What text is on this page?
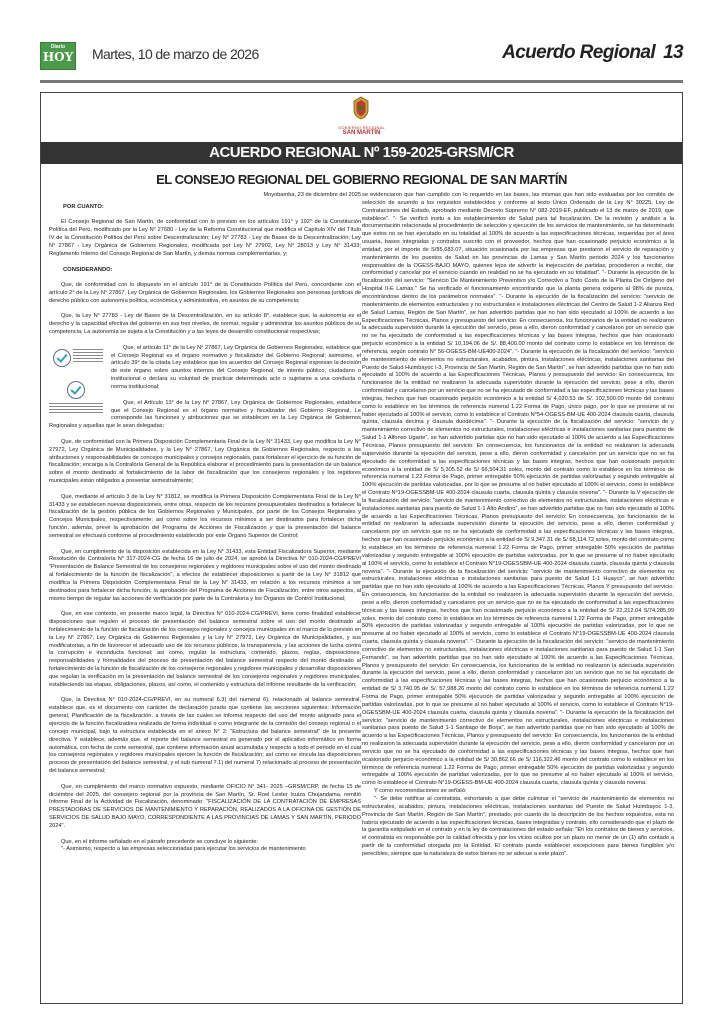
Diario
HOY Martes, 10 de marzo de 2026	Acuerdo Regional 13
GOBIERNO REGIONAL
SAN MARTÍN
ACUERDO REGIONAL Nº 159-2025-GRSM/CR
EL CONSEJO REGIONAL DEL GOBIERNO REGIONAL DE SAN MARTÍN
Moyobamba, 23 de diciembre del 2025
POR CUANTO:

El Consejo Regional de San Martín, de conformidad con lo previsto en los artículos 191° y 192° de la Constitución Política del Perú, modificado por la Ley N° 27680 - Ley de la Reforma Constitucional que modifica el Capítulo XIV del Título IV de la Constitución Política del Perú sobre Descentralización; Ley N° 27783 - Ley de Bases de la Descentralización; Ley N° 27867 - Ley Orgánica de Gobiernos Regionales, modificada por Ley N° 27902, Ley N° 28013 y Ley N° 31433; Reglamento Interno del Consejo Regional de San Martín, y demás normas complementarias, y;

CONSIDERANDO:

Que, de conformidad con lo dispuesto en el artículo 191° de la Constitución Política del Perú, concordante con el artículo 2° de la Ley N° 27867, Ley Orgánica de Gobiernos Regionales, los Gobiernos Regionales son personas jurídicas de derecho público con autonomía política, económica y administrativa, en asuntos de su competencia;

Que, la Ley N° 27783 - Ley de Bases de la Descentralización, en su artículo 8°, establece que, la autonomía es el derecho y la capacidad efectiva del gobierno en sus tres niveles, de normar, regular y administrar los asuntos públicos de su competencia; La autonomía se sujeta a la Constitución y a las leyes de desarrollo constitucional respectivas;

Que, el artículo 11° de la Ley N° 27867, Ley Orgánica de Gobiernos Regionales, establece que el Consejo Regional es el órgano normativo y fiscalizador del Gobierno Regional; asimismo, el artículo 39° de la citada Ley establece que los acuerdos del Consejo Regional expresan la decisión de este órgano sobre asuntos internos del Consejo Regional, de interés público, ciudadano o institucional o declara su voluntad de practicar determinado acto o sujetarse a una conducta o norma institucional;

Que, el Artículo 13° de la Ley N° 27867, Ley Orgánica de Gobiernos Regionales, establece que el Consejo Regional es el órgano normativo y fiscalizador del Gobierno Regional. Le corresponde las funciones y atribuciones que se establecen en la Ley Orgánica de Gobiernos Regionales y aquellas que le sean delegadas;

Que, de conformidad con la Primera Disposición Complementaria Final de la Ley N° 31433, Ley que modifica la Ley N° 27972, Ley Orgánica de Municipalidades, y la Ley N° 27867, Ley Orgánica de Gobiernos Regionales, respecto a las atribuciones y responsabilidades de concejos municipales y consejos regionales, para fortalecer el ejercicio de su función de fiscalización; encarga a la Contraloría General de la República elaborar el procedimiento para la presentación de un balance sobre el monto destinado al fortalecimiento de la labor de fiscalización que los consejeros regionales y los regidores municipales están obligados a presentar semestralmente;

Que, mediante el artículo 3 de la Ley N° 31812, se modifica la Primera Disposición Complementaria Final de la Ley N° 31433 y se establecen nuevas disposiciones, entre otras, respecto de los recursos presupuestales destinados a fortalecer la fiscalización de la gestión pública de los Gobiernos Regionales y Municipales, por parte de los Consejos Regionales y Concejos Municipales, respectivamente; así como sobre los recursos mínimos a ser destinados para fortalecer dicha función, además, prevé la aprobación del Programa de Acciones de Fiscalización y que la presentación del balance semestral se efectuará conforme al procedimiento establecido por este Órgano Superior de Control;

Que, en cumplimiento de la disposición establecida en la Ley N° 31433, esta Entidad Fiscalizadora Superior, mediante Resolución de Contraloría N° 317-2024-CG de fecha 16 de julio de 2024, se aprobó la Directiva N° 010-2024-CG/PREVI "Presentación de Balance Semestral de los consejeros regionales y regidores municipales sobre el uso del monto destinado al fortalecimiento de la función de fiscalización", a efectos de establecer disposiciones a partir de la Ley N° 31812 que modifica la Primera Disposición Complementaria Final de la Ley N° 31433, en relación a los recursos mínimos a ser destinados para fortalecer dicha función, la aprobación del Programa de Acciones de Fiscalización, entre otros aspectos, al mismo tiempo de regular las acciones de verificación por parte de la Contraloría y los Órganos de Control Institucional;

Que, en ese contexto, en presente marco legal, la Directiva N° 010-2024-CG/PREVI, tiene como finalidad establecer disposiciones que regulen el proceso de presentación del balance semestral sobre el uso del monto destinado al fortalecimiento de la función de fiscalización de los consejos regionales y concejos municipales en el marco de lo previsto en la Ley N° 27867, Ley Orgánica de Gobiernos Regionales y la Ley N° 27972, Ley Orgánica de Municipalidades, y sus modificatorias, a fin de favorecer el adecuado uso de los recursos públicos, la transparencia, y las acciones de lucha contra la corrupción e inconducta funcional; así como, regular la estructura, contenido, plazos, reglas, disposiciones, responsabilidades y formalidades del proceso de presentación del balance semestral respecto del monto destinado al fortalecimiento de la función de fiscalización de los consejeros regionales y regidores municipales y desarrollar disposiciones que regulan la verificación en la presentación del balance semestral de los consejeros regionales y regidores municipales, estableciendo las etapas, obligaciones, plazos, así como, el contenido y estructura del informe resultante de la verificación;

Que, la Directiva N° 010-2024-CG/PREVI, en su numeral 6.3) del numeral 6), relacionado al balance semestral, establece que, es el documento con carácter de declaración jurada que contiene las secciones siguientes: Información general, Planificación de la fiscalización, a través de las cuales se informa respecto del uso del monto asignado para el ejercicio de la función fiscalizadora realizada de forma individual o como integrante de la comisión del consejo regional o el concejo municipal, bajo la estructura establecida en el anexo N° 2: "Estructura del balance semestral" de la presente directiva. Y establece, además que, el reporte del balance semestral es generado por el aplicativo informático en forma automática, con fecha de corte semestral, que contiene información anual acumulada y respecto a todo el periodo en el cual los consejeros regionales y regidores municipales ejercen la función de fiscalización; así como se vincula las disposiciones proceso de presentación del balance semestral, y el sub numeral 7.1) del numeral 7) relacionado al proceso de presentación del balance semestral;

Que, en cumplimiento del marco normativo expuesto, mediante OFICIO N° 341- 2025 –GRSM/CRP, de fecha 15 de diciembre del 2025, del consejero regional por la provincia de San Martín, Sr. Roel Lester Isuiza Chujandama, remitió Informe Final de la Actividad de Fiscalización, denominado: "FISCALIZACIÓN DE LA CONTRATACIÓN DE EMPRESAS PRESTADORAS DE SERVICIOS DE MANTENIMIENTO Y REPARACIÓN, REALIZADOS A LA OFICINA DE GESTIÓN DE SERVICIOS DE SALUD BAJO MAYO, CORRESPONDIENTE A LAS PROVINCIAS DE LAMAS Y SAN MARTÍN, PERIODO 2024".

Que, en el informe señalado en el párrafo precedente se concluye lo siguiente:

"- Asimismo, respecto a las empresas seleccionadas para ejecutar los servicios de mantenimiento

se evidenciaron que han cumplido con lo requerido en las bases, las mismas que han sido evaluadas por los comités de selección de acuerdo a los requisitos establecidos y conforme al texto Único Ordenado de la Ley N° 30225, Ley de Contrataciones del Estado, aprobado mediante Decreto Supremo N° 082-2019-EF, publicado el 13 de marzo de 2019, que establece". "- Se verificó insitu a los establecimientos de Salud para tal fiscalización. De la revisión y análisis a la documentación relacionada al procedimiento de selección y ejecución de los servicios de mantenimiento, se ha determinado que estos no se han ejecutado en su totalidad al 100% de acuerdo a las especificaciones técnicas, requeridas por el área usuaria, bases integradas y contratos suscrito con el proveedor, hechos que han ocasionado perjuicio económico a la entidad, por el importe de S/85,683.07, situación ocasionada por las empresas que prestaron el servicio de reparación y mantenimiento de los puestos de Salud en las provincias de Lamas y San Martín periodo 2024 y los funcionarios responsables de la OGESS-BAJO MAYO, quienes lejos de advertir la inejecución de partidas, procedieron a recibir, dar conformidad y cancelar por el servicio cuando en realidad no se ha ejecutado en su totalidad". "- Durante la ejecución de la fiscalización del servicio: "Servicio De Mantenimiento Preventivo y/o Correctivo a Todo Costo de la Planta De Oxígeno del Hospital II-E Lamas." Se ha verificado el funcionamiento encontrando que la planta genera oxígeno al 98% de pureza, encontrándose dentro de los parámetros normales". "- Durante la ejecución de la fiscalización del servicio: "servicio de mantenimiento de elementos estructurales y no estructurales e instalaciones eléctricas del Centro de Salud 1-2 Alianza Red de Salud Lamas, Región de San Martín", se han advertido partidas que no han sido ejecutado al 100% de acuerdo a las Especificaciones Técnicas, Planos y presupuesto del servicio: En consecuencia, los funcionarios de la entidad no realizaron la adecuada supervisión durante la ejecución del servicio, pese a ello, dieron conformidad y cancelaron por un servicio que no se ha ejecutado de conformidad a las especificaciones técnicas y las bases integras, hechos que han ocasionado perjuicio económico a la entidad S/ 10,194.06 de S/. 88,400.00 monto del contrato como lo establece en los términos de referencia, según contrato N° 56-OGESS-BM-UE400-2024". "- Durante la ejecución de la fiscalización del servicio: "servicio de mantenimiento de elementos no estructurales, acabados, pintura, instalaciones eléctricas, instalaciones sanitarias del Puesto de Salud Huimbayoc I-3, Provincia de San Martín, Región de San Martín", se han advertido partidas que no han sido ejecutado al 100% de acuerdo a las Especificaciones Técnicas, Planos y presupuesto del servicio: En consecuencia, los funcionarios de la entidad no realizaron la adecuada supervisión durante la ejecución del servicio, pese a ello, dieron conformidad y cancelaron por un servicio que no se ha ejecutado de conformidad a las especificaciones técnicas y las bases integras, hechos que han ocasionado perjuicio económico a la entidad S/ 4,020.53 de S/. 102,500.00 monto del contrato como lo establece en los términos de referencia numeral 1.22 Forma de Pago, único pago, por lo que se presume al no haber ejecutado al 100% el servicio, como lo establece el Contrato N°54-OGESS-BM-UE 400-2024 clausula cuarta, clausula quinta, clausula decima y clausula duodécima". "- Durante la ejecución de la fiscalización del servicio: "servicio de y mantenimiento correctivo de elementos no estructurales, instalaciones eléctricas e instalaciones sanitarias para puestos de Salud 1-1 Alfonso Ugarte", se han advertido partidas que no han sido ejecutado al 100% de acuerdo a las Especificaciones Técnicas, Planos presupuesto del servicio: En consecuencia, los funcionarios de la entidad no realizaron la adecuada supervisión durante la ejecución del servicio, pese a ello, dieron conformidad y cancelaron por un servicio que no se ha ejecutado de conformidad a las especificaciones técnicas y las bases integras, hechos que han ocasionado perjuicio económico a la entidad de S/ 5,305.52 de S/ 66,504.31 soles, monto del contrato como lo establece en los términos de referencia numeral 1.22 Forma de Pago, primer entregable 50% ejecución de partidas valorizadas y segundo entregable al 100% ejecución de partidas valorizadas, por lo que se presume al no haber ejecutado al 100% el servicio, como lo establece el Contrato N°19-OGESSBM-UE 400-2024 clausula cuarta, clausula quinta y clausula novena". "- Durante la V ejecución de la fiscalización del servicio: "servicio de mantenimiento correctivo de elementos no estructurales, instalaciones eléctricas e instalaciones sanitarias para puesto de Salud 1-1 Alto Andino", se han advertido partidas que no han sido ejecutado al 100% de acuerdo a las Especificaciones Técnicas, Planos presupuesto del servicio: En consecuencia, los funcionarios de la entidad no realizaron la adecuada supervisión durante la ejecución del servicio, pese a ello, dieron conformidad y cancelaron por un servicio que no se ha ejecutado de conformidad a las especificaciones técnicas y las bases integras, hechos que han ocasionado perjuicio económico a la entidad de S/ 9,347.31 de S/ 68,114.72 soles, monto del contrato como lo establece en los términos de referencia numeral 1.22 Forma de Pago, primer entregable 50% ejecución de partidas valorizadas y segundo entregable al 100% ejecución de partidas valorizadas, por lo que se presume al no haber ejecutado al 100% el servicio, como lo establece el Contrato N°19-OGESSBM-UE 400-2024 clausula cuarta, clausula quinta y clausula novena". "- Durante la ejecución de la fiscalización del servicio: "servicio de mantenimiento correctivo de elementos no estructurales, instalaciones eléctricas e instalaciones sanitarias para puesto de Salud 1-1 Huayco", se han advertido partidas que no han sido ejecutado al 100% de acuerdo a las Especificaciones Técnicas, Planos Y presupuesto del servicio: En consecuencia, los funcionarios de la entidad no realizaron la adecuada supervisión durante la ejecución del servicio, pese a ello, dieron conformidad y cancelaron por un servicio que no se ha ejecutado de conformidad a las especificaciones técnicas y las bases integras, hechos que han ocasionado perjuicio económico a la entidad de S/ 22,212.04 S/74,285.99 soles, monto del contrato como lo establece en los términos de referencia numeral 1.22 Forma de Pago, primer entregable 50% ejecución de partidas valorizadas y segundo entregable al 100% ejecución de partidas valorizadas, por lo que se presume al no haber ejecutado al 100% el servicio, como lo establece el Contrato N°19-OGESSBM-UE 400-2024 clausula cuarta, clausula quinta y clausula novena". "- Durante la ejecución de la fiscalización del servicio: "servicio de mantenimiento correctivo de elementos no estructurales, instalaciones eléctricas e instalaciones sanitarias para puesto de Salud 1-1 San Fernando", se han advertido partidas que no han sido ejecutado al 100% de acuerdo a las Especificaciones Técnicas, Planos y presupuesto del servicio: En consecuencia, los funcionarios de la entidad no realizaron la adecuada supervisión durante la ejecución del servicio, pese a ello, dieron conformidad y cancelaron por un servicio que no se ha ejecutado de conformidad a las especificaciones técnicas y las bases integras, hechos que han ocasionado perjuicio económico a la entidad de S/ 3,740.95 de S/. 57,988.26 monto del contrato como lo establece en los términos de referencia numeral 1.22 Forma de Pago, primer entregable 50% ejecución de partidas valorizadas y segundo entregable al 100% ejecución de partidas valorizadas, por lo que se presume al no haber ejecutado al 100% el servicio, como lo establece el Contrato N°19-OGESSBM-UE 400-2024 clausula cuarta, clausula quinta y clausula novena". "- Durante la ejecución de la fiscalización del servicio: "servicio de mantenimiento correctivo de elementos no estructurales, instalaciones eléctricas e instalaciones sanitarias para puesto de Salud 1-1 Santiago de Borja", se han advertido partidas que no han sido ejecutado al 100% de acuerdo a las Especificaciones Técnicas, Planos y presupuesto del servicio: En consecuencia, los funcionarios de la entidad no realizaron la adecuada supervisión durante la ejecución del servicio, pese a ello, dieron conformidad y cancelaron por un servicio que no se ha ejecutado de conformidad a las especificaciones técnicas y las bases integras, hechos que han ocasionado perjuicio económico a la entidad de S/ 30,862.66 de S/ 116,322.46 monto del contrato como lo establece en los términos de referencia numeral 1.22 Forma de Pago, primer entregable 50% ejecución de partidas valorizadas y segundo entregable al 100% ejecución de partidas valorizadas, por lo que se presume al no haber ejecutado al 100% el servicio, como lo establece el Contrato N°19-OGESS-BM-UE 400-2024 clausula cuarta, clausula quinta y clausula novena.

Y como recomendaciones se señaló:

"- Se debe notificar al contratista, exhortando a que debe culminar el "servicio de mantenimiento de elementos no estructurales, acabados, pintura, instalaciones eléctricas, instalaciones sanitarias del Puesto de Salud Huimbayoc 1-3, Provincia de San Martín, Región de San Martín", prestado, por cuanto de la descripción de los hechos expuestos, esta no habría ejecutado de acuerdo a las especificaciones técnicas, bases integradas y contrato, ello considerando que el plazo de la garantía estipulado en el contrato y en la ley de contrataciones del estado señala: "En los contratos de bienes y servicios, el contratista es responsable por la calidad ofrecida y por los vicios ocultos por un plazo no menor de un (1) año contado a partir de la conformidad otorgada por la Entidad. El contrato puede establecer excepciones para bienes fungibles y/o perecibles, siempre que la naturaleza de estos bienes no se adecue a este plazo".
